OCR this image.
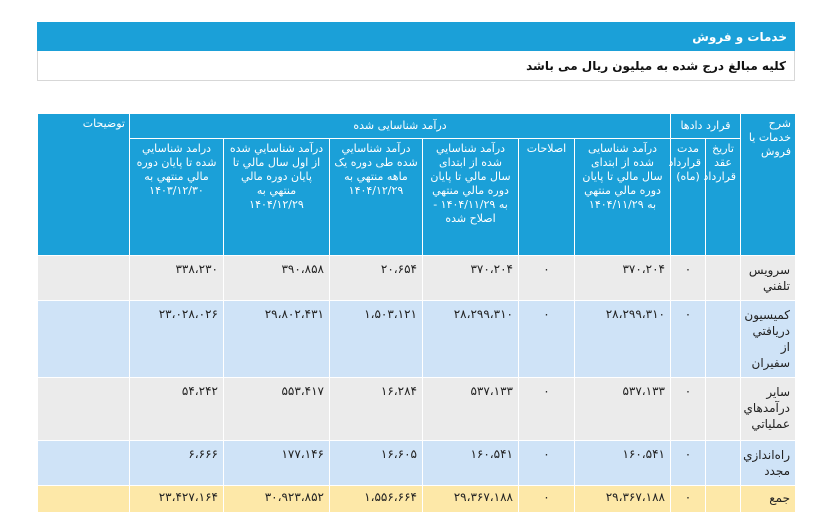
خدمات و فروش
کلیه مبالغ درج شده به میلیون ریال می باشد
شرح خدمات یا فروش	قرارد دادها		درآمد شناسایی شده						توضیحات
	تاریخ عقد قرارداد	مدت قرارداد (ماه)	درآمد شناسایی شده از ابتدای سال مالي تا پایان دوره مالي منتهي به ۱۴۰۴/۱۱/۲۹	اصلاحات	درآمد شناسایي شده از ابتدای سال مالي تا پایان دوره مالي منتهي به ۱۴۰۴/۱۱/۲۹ - اصلاح شده	درآمد شناسایي شده طی دوره یک ماهه منتهي به ۱۴۰۴/۱۲/۲۹	درآمد شناسایي شده از اول سال مالي تا پایان دوره مالي منتهي به ۱۴۰۴/۱۲/۲۹	درامد شناسایي شده تا پایان دوره مالي منتهي به ۱۴۰۳/۱۲/۳۰	
سرويس تلفني		۰	۳۷۰،۲۰۴	۰	۳۷۰،۲۰۴	۲۰،۶۵۴	۳۹۰،۸۵۸	۳۳۸،۲۳۰	
كميسيون دريافتي از سفيران		۰	۲۸،۲۹۹،۳۱۰	۰	۲۸،۲۹۹،۳۱۰	۱،۵۰۳،۱۲۱	۲۹،۸۰۲،۴۳۱	۲۳،۰۲۸،۰۲۶	
ساير درآمدهاي عملياتي		۰	۵۳۷،۱۳۳	۰	۵۳۷،۱۳۳	۱۶،۲۸۴	۵۵۳،۴۱۷	۵۴،۲۴۲	
راه‌اندازي مجدد		۰	۱۶۰،۵۴۱	۰	۱۶۰،۵۴۱	۱۶،۶۰۵	۱۷۷،۱۴۶	۶،۶۶۶	
جمع		۰	۲۹،۳۶۷،۱۸۸	۰	۲۹،۳۶۷،۱۸۸	۱،۵۵۶،۶۶۴	۳۰،۹۲۳،۸۵۲	۲۳،۴۲۷،۱۶۴	
